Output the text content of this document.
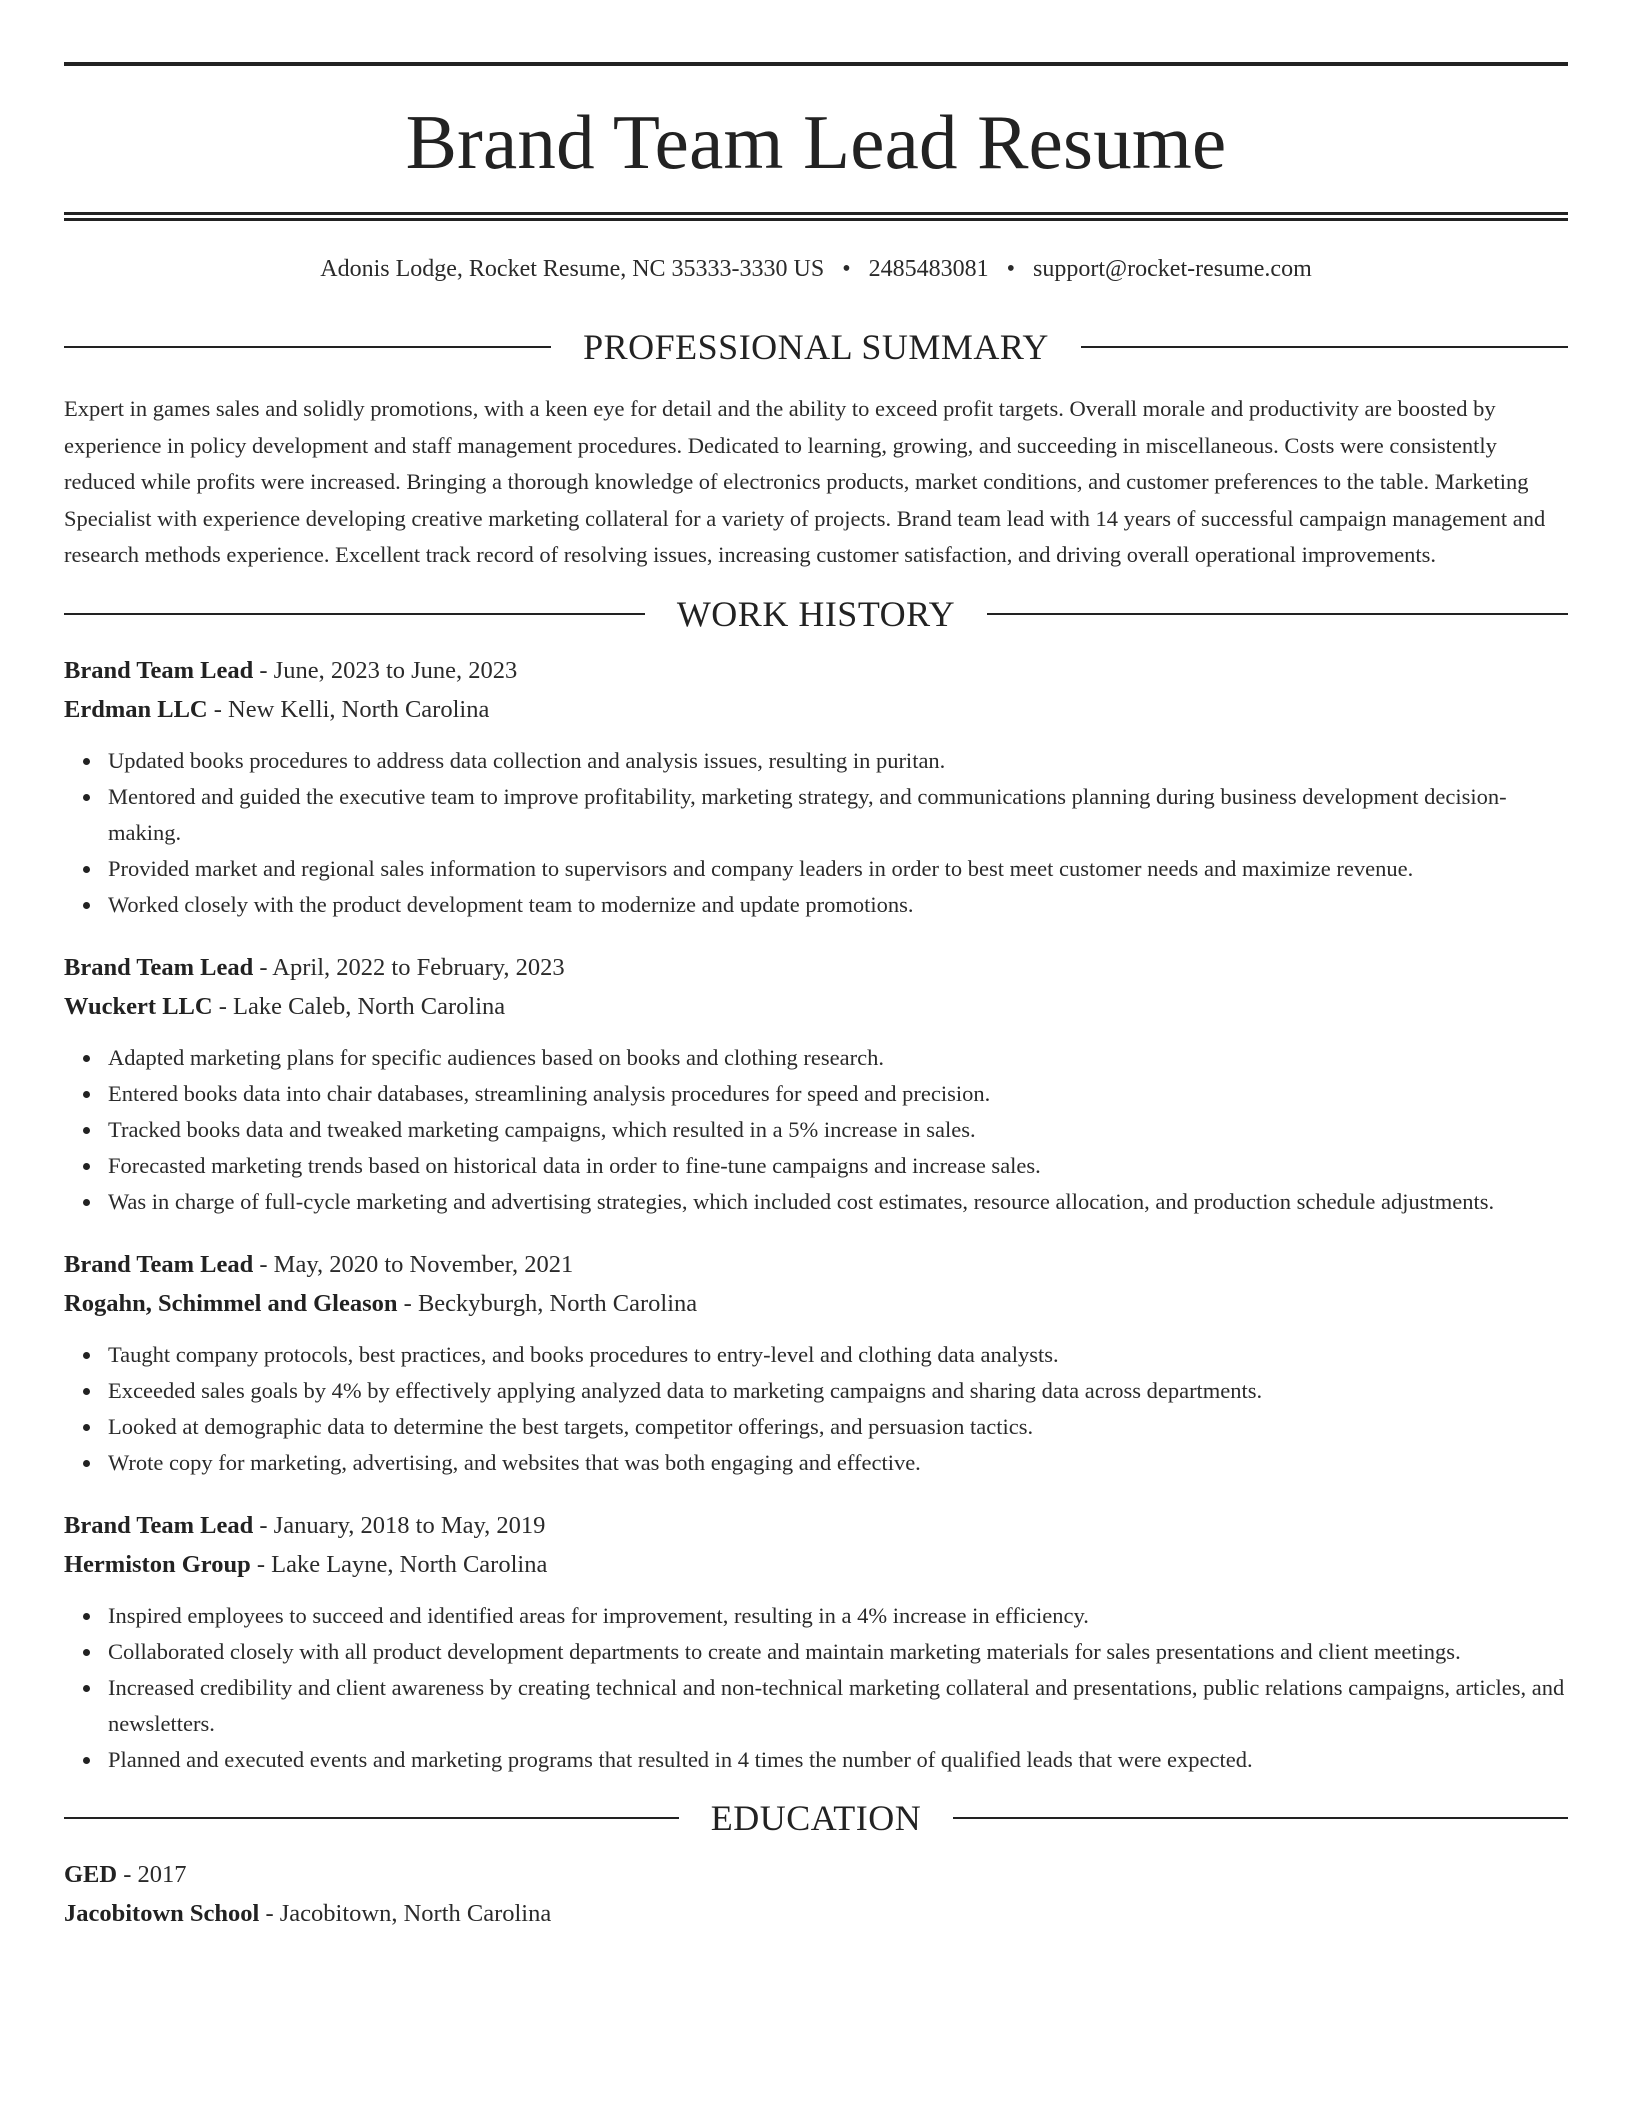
Brand Team Lead Resume
Adonis Lodge, Rocket Resume, NC 35333-3330 US • 2485483081 • support@rocket-resume.com
PROFESSIONAL SUMMARY

Expert in games sales and solidly promotions, with a keen eye for detail and the ability to exceed profit targets. Overall morale and productivity are boosted by experience in policy development and staff management procedures. Dedicated to learning, growing, and succeeding in miscellaneous. Costs were consistently reduced while profits were increased. Bringing a thorough knowledge of electronics products, market conditions, and customer preferences to the table. Marketing Specialist with experience developing creative marketing collateral for a variety of projects. Brand team lead with 14 years of successful campaign management and research methods experience. Excellent track record of resolving issues, increasing customer satisfaction, and driving overall operational improvements.

WORK HISTORY

Brand Team Lead - June, 2023 to June, 2023

Erdman LLC - New Kelli, North Carolina

Updated books procedures to address data collection and analysis issues, resulting in puritan.
Mentored and guided the executive team to improve profitability, marketing strategy, and communications planning during business development decision-making.
Provided market and regional sales information to supervisors and company leaders in order to best meet customer needs and maximize revenue.
Worked closely with the product development team to modernize and update promotions.

Brand Team Lead - April, 2022 to February, 2023

Wuckert LLC - Lake Caleb, North Carolina

Adapted marketing plans for specific audiences based on books and clothing research.
Entered books data into chair databases, streamlining analysis procedures for speed and precision.
Tracked books data and tweaked marketing campaigns, which resulted in a 5% increase in sales.
Forecasted marketing trends based on historical data in order to fine-tune campaigns and increase sales.
Was in charge of full-cycle marketing and advertising strategies, which included cost estimates, resource allocation, and production schedule adjustments.

Brand Team Lead - May, 2020 to November, 2021

Rogahn, Schimmel and Gleason - Beckyburgh, North Carolina

Taught company protocols, best practices, and books procedures to entry-level and clothing data analysts.
Exceeded sales goals by 4% by effectively applying analyzed data to marketing campaigns and sharing data across departments.
Looked at demographic data to determine the best targets, competitor offerings, and persuasion tactics.
Wrote copy for marketing, advertising, and websites that was both engaging and effective.

Brand Team Lead - January, 2018 to May, 2019

Hermiston Group - Lake Layne, North Carolina

Inspired employees to succeed and identified areas for improvement, resulting in a 4% increase in efficiency.
Collaborated closely with all product development departments to create and maintain marketing materials for sales presentations and client meetings.
Increased credibility and client awareness by creating technical and non-technical marketing collateral and presentations, public relations campaigns, articles, and newsletters.
Planned and executed events and marketing programs that resulted in 4 times the number of qualified leads that were expected.
EDUCATION

GED - 2017

Jacobitown School - Jacobitown, North Carolina
